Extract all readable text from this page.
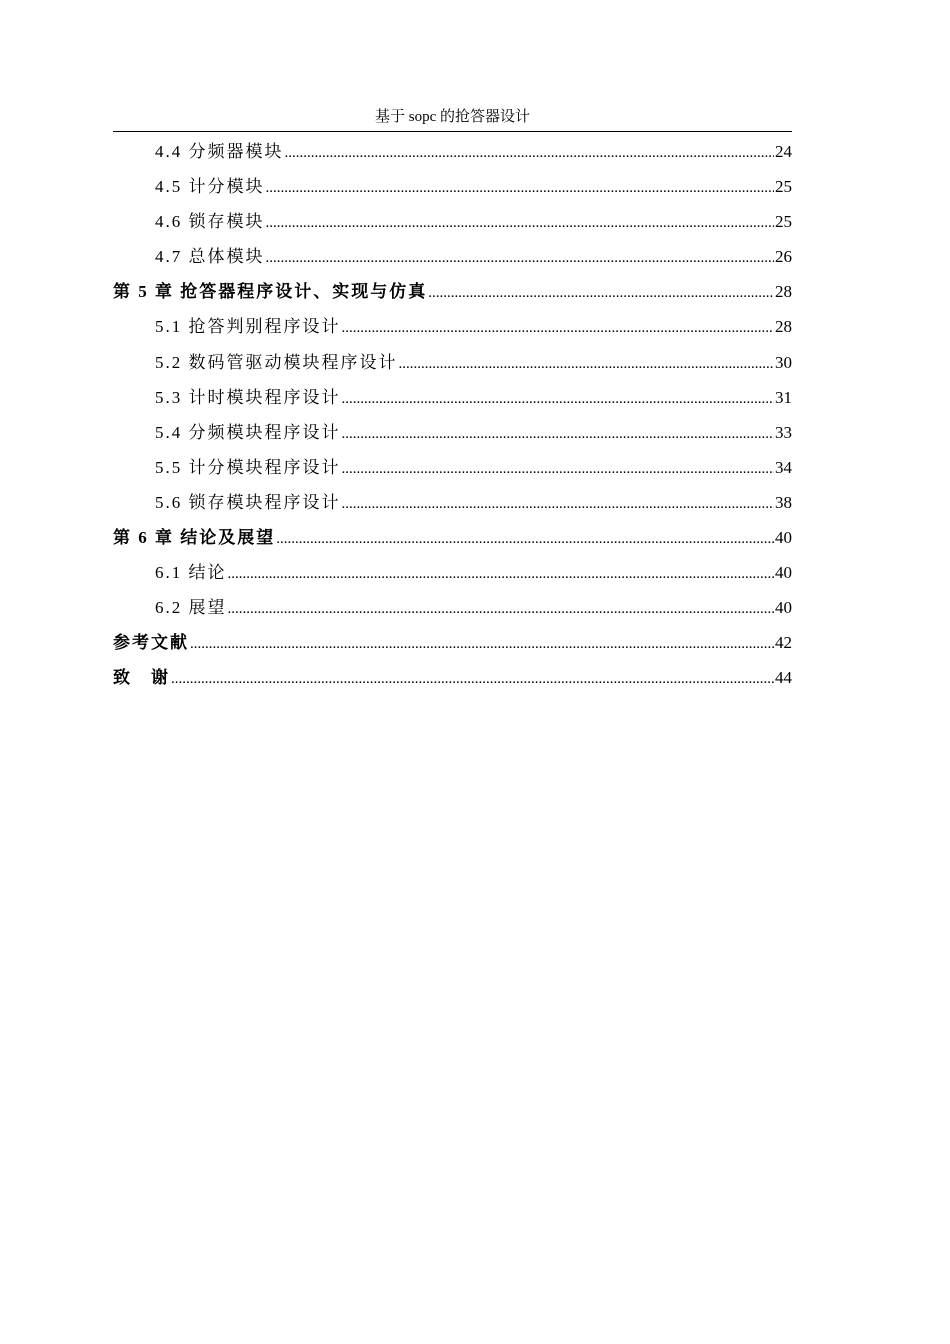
基于 sopc 的抢答器设计
4.4 分频器模块 .....	24
4.5 计分模块 .....	25
4.6 锁存模块 .....	25
4.7 总体模块 .....	26
第 5 章 抢答器程序设计、实现与仿真 .....	28
5.1 抢答判别程序设计 .....	28
5.2 数码管驱动模块程序设计 .....	30
5.3 计时模块程序设计 .....	31
5.4 分频模块程序设计 .....	33
5.5 计分模块程序设计 .....	34
5.6 锁存模块程序设计 .....	38
第 6 章 结论及展望 .....	40
6.1 结论 .....	40
6.2 展望 .....	40
参考文献 .....	42
致　谢 .....	44
